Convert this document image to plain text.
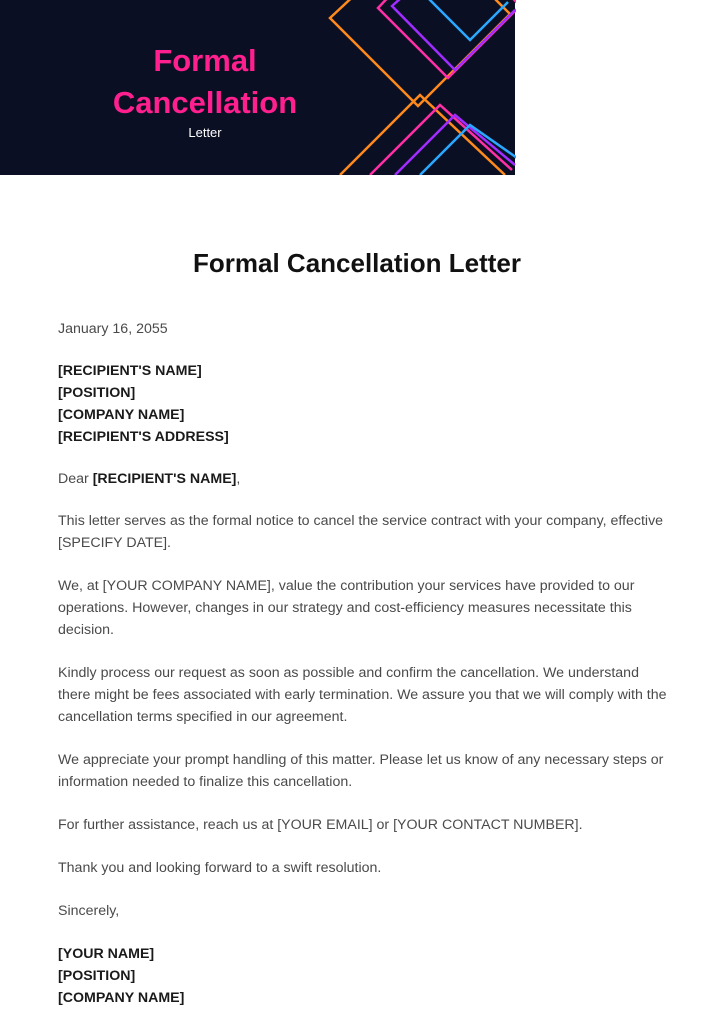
Formal
Cancellation
Letter
Formal Cancellation Letter

January 16, 2055

[RECIPIENT'S NAME]

[POSITION]

[COMPANY NAME]

[RECIPIENT'S ADDRESS]

Dear [RECIPIENT'S NAME],

This letter serves as the formal notice to cancel the service contract with your company, effective [SPECIFY DATE].

We, at [YOUR COMPANY NAME], value the contribution your services have provided to our operations. However, changes in our strategy and cost-efficiency measures necessitate this decision.

Kindly process our request as soon as possible and confirm the cancellation. We understand there might be fees associated with early termination. We assure you that we will comply with the cancellation terms specified in our agreement.

We appreciate your prompt handling of this matter. Please let us know of any necessary steps or information needed to finalize this cancellation.

For further assistance, reach us at [YOUR EMAIL] or [YOUR CONTACT NUMBER].

Thank you and looking forward to a swift resolution.

Sincerely,

[YOUR NAME]

[POSITION]

[COMPANY NAME]
